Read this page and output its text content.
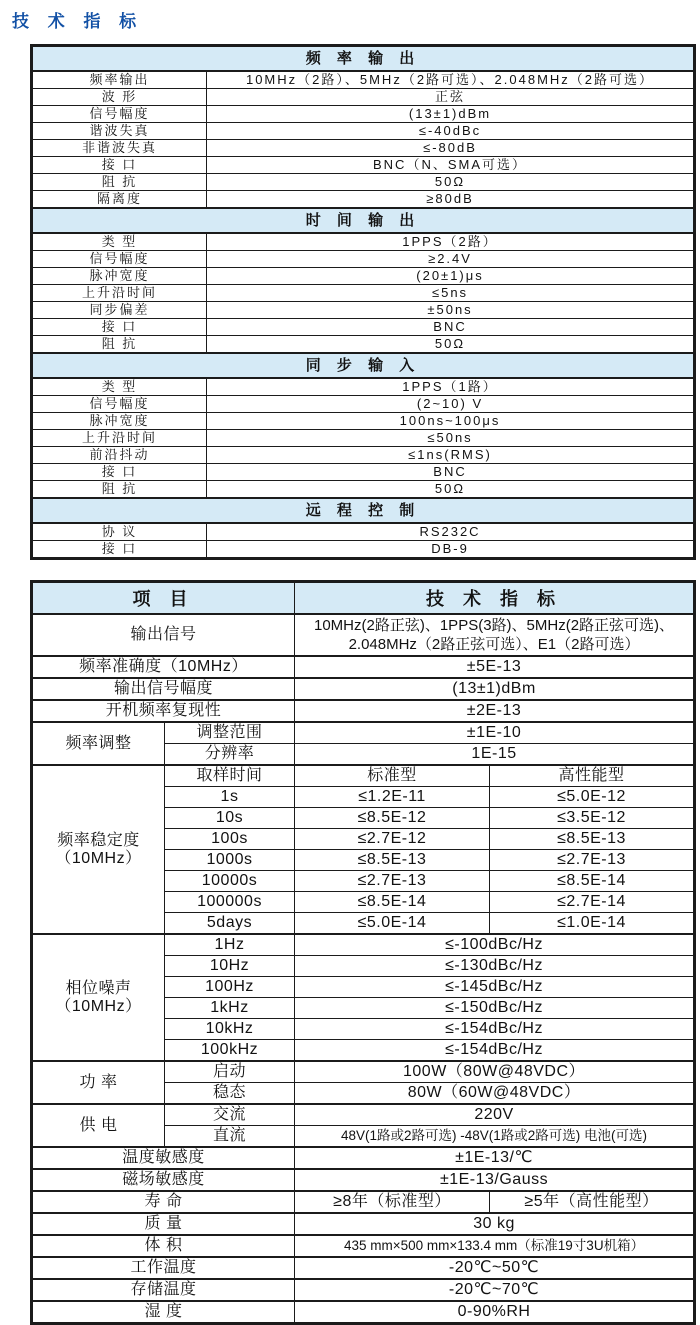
技 术 指 标
频 率 输 出	
频率输出	10MHz（2路）、5MHz（2路可选）、2.048MHz（2路可选）
波 形	正弦
信号幅度	(13±1)dBm
谐波失真	≤-40dBc
非谐波失真	≤-80dB
接 口	BNC（N、SMA可选）
阻 抗	50Ω
隔离度	≥80dB
时 间 输 出	
类 型	1PPS（2路）
信号幅度	≥2.4V
脉冲宽度	(20±1)μs
上升沿时间	≤5ns
同步偏差	±50ns
接 口	BNC
阻 抗	50Ω
同 步 输 入	
类 型	1PPS（1路）
信号幅度	(2~10) V
脉冲宽度	100ns~100μs
上升沿时间	≤50ns
前沿抖动	≤1ns(RMS)
接 口	BNC
阻 抗	50Ω
远 程 控 制	
协 议	RS232C
接 口	DB-9
项 目		技 术 指 标	
输出信号		10MHz(2路正弦)、1PPS(3路)、5MHz(2路正弦可选)、2.048MHz（2路正弦可选）、E1（2路可选）	
频率准确度（10MHz）		±5E-13	
输出信号幅度		(13±1)dBm	
开机频率复现性		±2E-13	
频率调整	调整范围	±1E-10	
	分辨率	1E-15	

频率稳定度
（10MHz）	取样时间	标准型	高性能型
	1s	≤1.2E-11	≤5.0E-12
	10s	≤8.5E-12	≤3.5E-12
	100s	≤2.7E-12	≤8.5E-13
	1000s	≤8.5E-13	≤2.7E-13
	10000s	≤2.7E-13	≤8.5E-14
	100000s	≤8.5E-14	≤2.7E-14
	5days	≤5.0E-14	≤1.0E-14

相位噪声
（10MHz）	1Hz	≤-100dBc/Hz	
	10Hz	≤-130dBc/Hz	
	100Hz	≤-145dBc/Hz	
	1kHz	≤-150dBc/Hz	
	10kHz	≤-154dBc/Hz	
	100kHz	≤-154dBc/Hz	
功 率	启动	100W（80W@48VDC）	
	稳态	80W（60W@48VDC）	
供 电	交流	220V	
	直流	48V(1路或2路可选) -48V(1路或2路可选) 电池(可选)	
温度敏感度		±1E-13/℃	
磁场敏感度		±1E-13/Gauss	
寿 命		≥8年（标准型）	≥5年（高性能型）
质 量		30 kg	
体 积		435 mm×500 mm×133.4 mm（标准19寸3U机箱）	
工作温度		-20℃~50℃	
存储温度		-20℃~70℃	
湿 度		0-90%RH	
